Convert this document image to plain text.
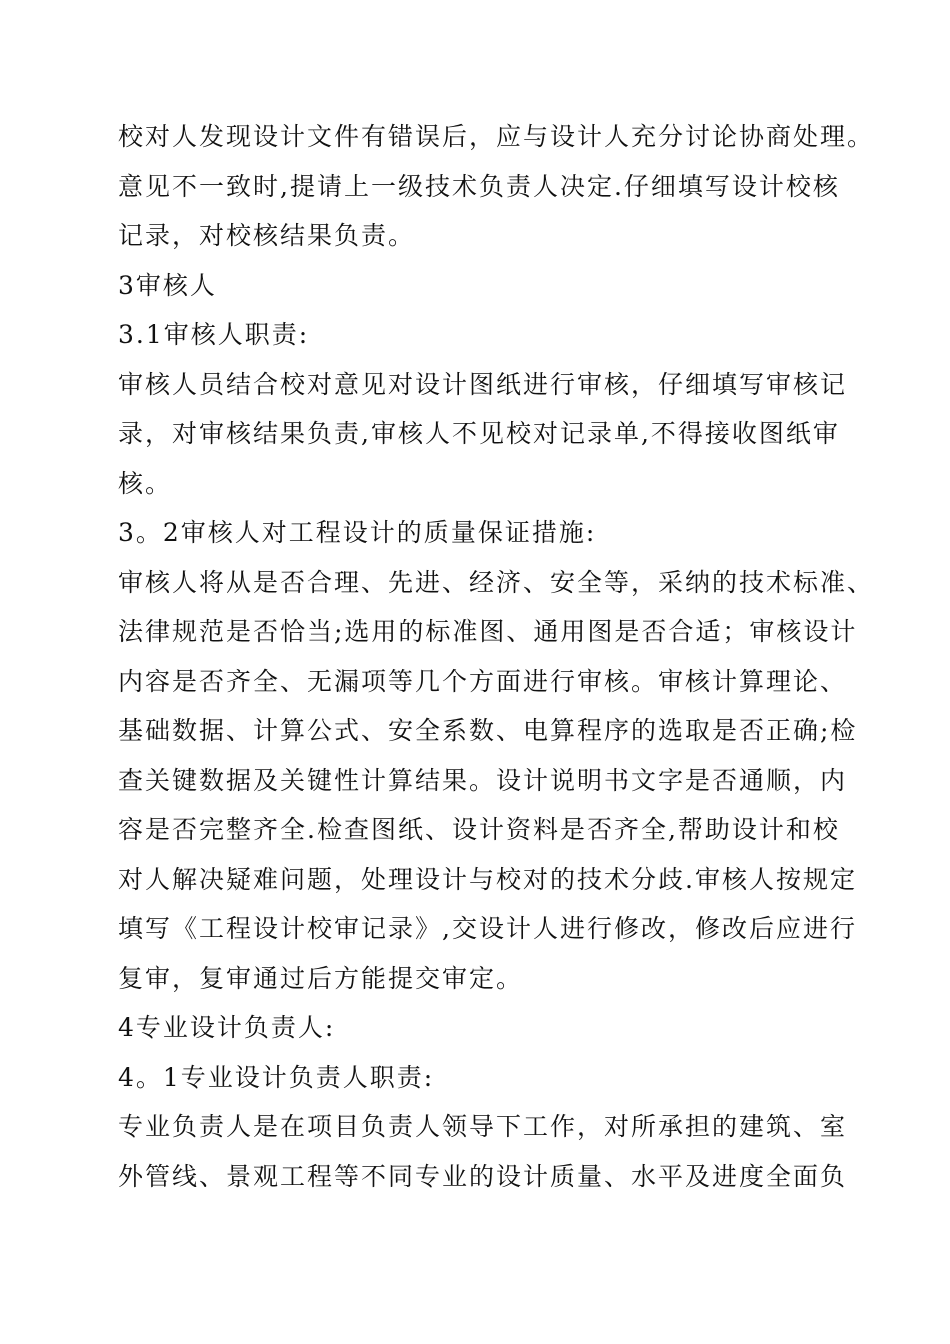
校对人发现设计文件有错误后，应与设计人充分讨论协商处理。
意见不一致时,提请上一级技术负责人决定.仔细填写设计校核
记录，对校核结果负责。
3审核人
3.1审核人职责:
审核人员结合校对意见对设计图纸进行审核，仔细填写审核记
录，对审核结果负责,审核人不见校对记录单,不得接收图纸审
核。
3。2审核人对工程设计的质量保证措施:
审核人将从是否合理、先进、经济、安全等，采纳的技术标准、
法律规范是否恰当;选用的标准图、通用图是否合适；审核设计
内容是否齐全、无漏项等几个方面进行审核。审核计算理论、
基础数据、计算公式、安全系数、电算程序的选取是否正确;检
查关键数据及关键性计算结果。设计说明书文字是否通顺，内
容是否完整齐全.检查图纸、设计资料是否齐全,帮助设计和校
对人解决疑难问题，处理设计与校对的技术分歧.审核人按规定
填写《工程设计校审记录》,交设计人进行修改，修改后应进行
复审，复审通过后方能提交审定。
4专业设计负责人:
4。1专业设计负责人职责:
专业负责人是在项目负责人领导下工作，对所承担的建筑、室
外管线、景观工程等不同专业的设计质量、水平及进度全面负
